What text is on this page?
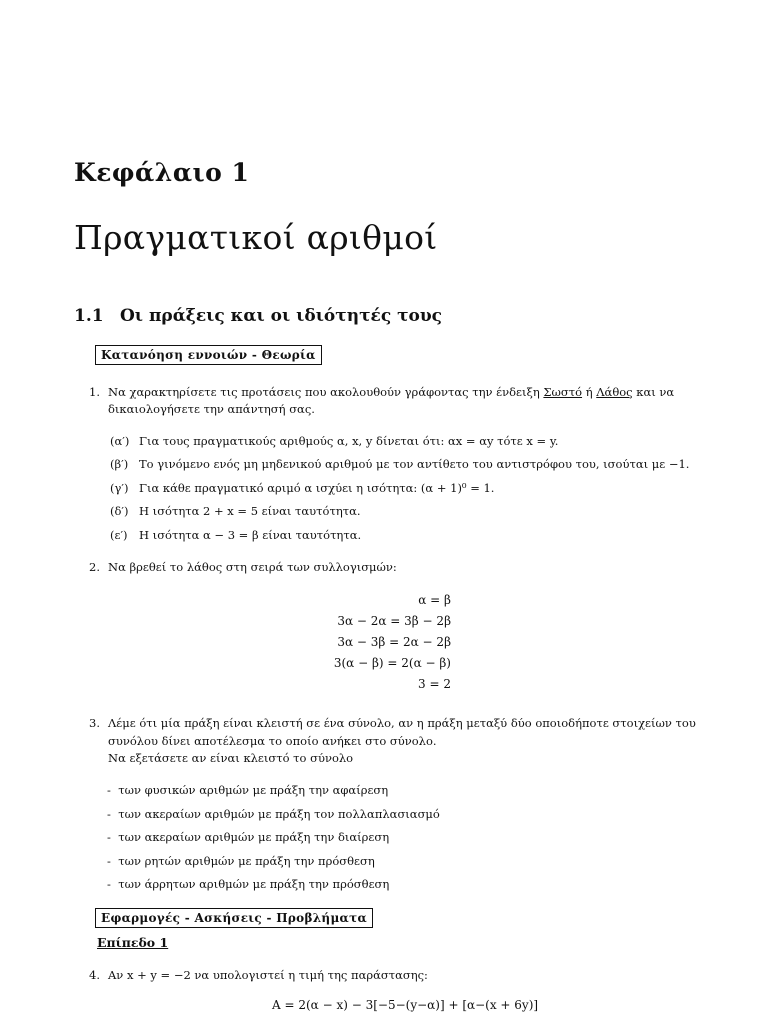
Κεφάλαιο 1
Πραγματικοί αριθμοί
1.1 Οι πράξεις και οι ιδιότητές τους
Κατανόηση εννοιών - Θεωρία
1. Να χαρακτηρίσετε τις προτάσεις που ακολουθούν γράφοντας την ένδειξη Σωστό ή Λάθος και να
δικαιολογήσετε την απάντησή σας.
(α′) Για τους πραγματικούς αριθμούς α, x, y δίνεται ότι: αx = αy τότε x = y.
(β′) Το γινόμενο ενός μη μηδενικού αριθμού με τον αντίθετο του αντιστρόφου του, ισούται με −1.
(γ′) Για κάθε πραγματικό αριμό α ισχύει η ισότητα: (α + 1)⁰ = 1.
(δ′) Η ισότητα 2 + x = 5 είναι ταυτότητα.
(ε′) Η ισότητα α − 3 = β είναι ταυτότητα.
2. Να βρεθεί το λάθος στη σειρά των συλλογισμών:
α = β
3α − 2α = 3β − 2β
3α − 3β = 2α − 2β
3(α − β) = 2(α − β)
3 = 2
3. Λέμε ότι μία πράξη είναι κλειστή σε ένα σύνολο, αν η πράξη μεταξύ δύο οποιοδήποτε στοιχείων του
συνόλου δίνει αποτέλεσμα το οποίο ανήκει στο σύνολο.
Να εξετάσετε αν είναι κλειστό το σύνολο
- των φυσικών αριθμών με πράξη την αφαίρεση
- των ακεραίων αριθμών με πράξη τον πολλαπλασιασμό
- των ακεραίων αριθμών με πράξη την διαίρεση
- των ρητών αριθμών με πράξη την πρόσθεση
- των άρρητων αριθμών με πράξη την πρόσθεση
Εφαρμογές - Ασκήσεις - Προβλήματα
Επίπεδο 1
4. Αν x + y = −2 να υπολογιστεί η τιμή της παράστασης:
A = 2(α − x) − 3[−5−(y−α)] + [α−(x + 6y)]
